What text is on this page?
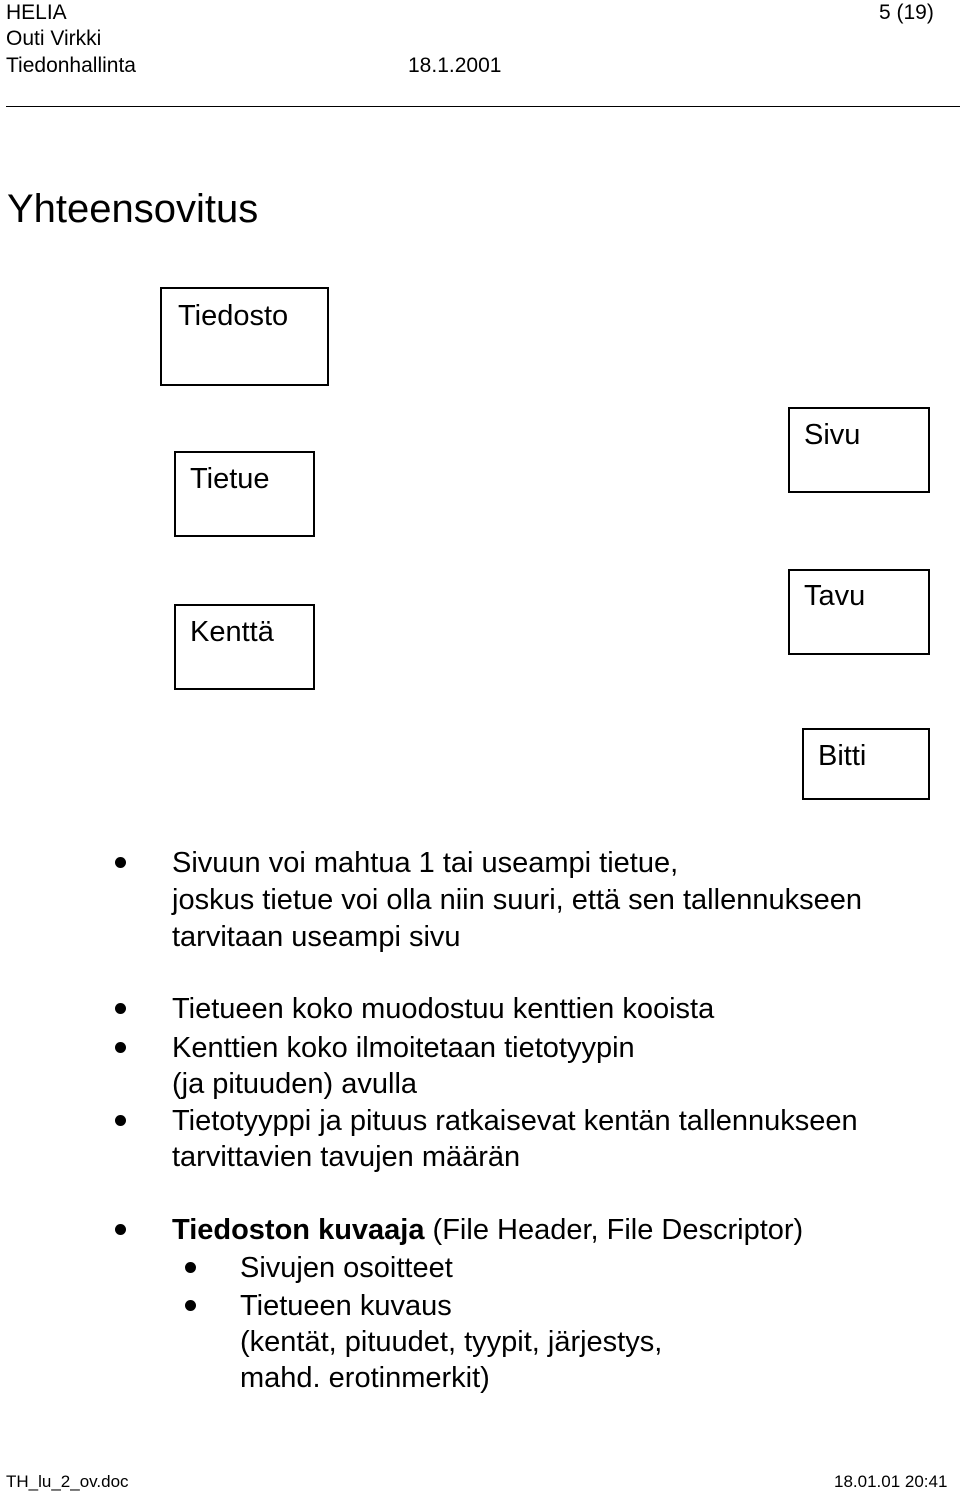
HELIA
Outi Virkki
Tiedonhallinta	18.1.2001
5 (19)
Yhteensovitus
Tiedosto
Tietue
Kenttä
Sivu
Tavu
Bitti
Sivuun voi mahtua 1 tai useampi tietue,
joskus tietue voi olla niin suuri, että sen tallennukseen
tarvitaan useampi sivu
Tietueen koko muodostuu kenttien kooista
Kenttien koko ilmoitetaan tietotyypin
(ja pituuden) avulla
Tietotyyppi ja pituus ratkaisevat kentän tallennukseen
tarvittavien tavujen määrän
Tiedoston kuvaaja (File Header, File Descriptor)
Sivujen osoitteet
Tietueen kuvaus
(kentät, pituudet, tyypit, järjestys,
mahd. erotinmerkit)
TH_lu_2_ov.doc	18.01.01 20:41
